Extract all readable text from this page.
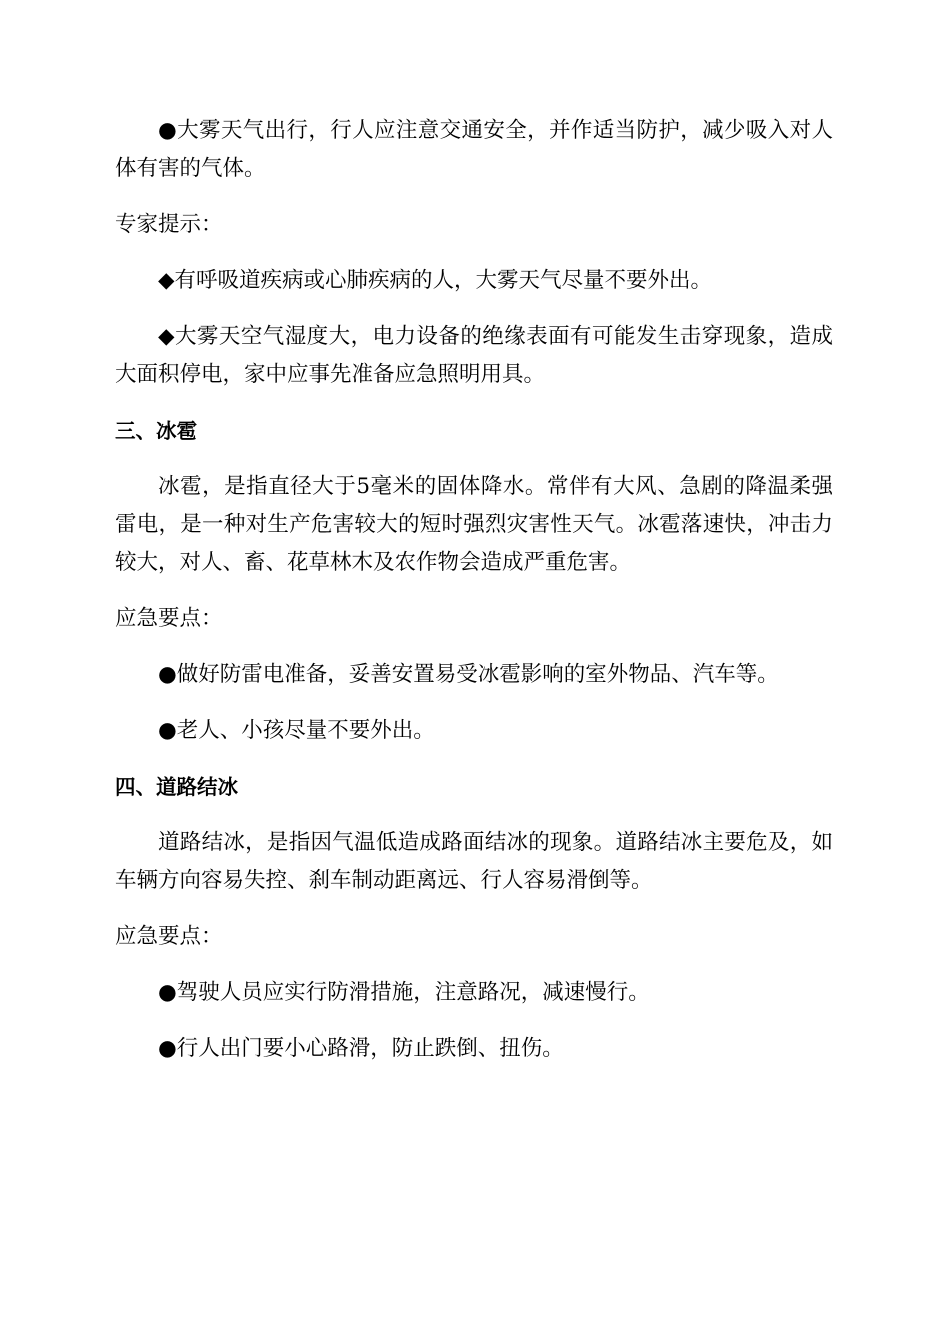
●大雾天气出行，行人应注意交通安全，并作适当防护，减少吸入对人体有害的气体。

专家提示：

◆有呼吸道疾病或心肺疾病的人，大雾天气尽量不要外出。

◆大雾天空气湿度大，电力设备的绝缘表面有可能发生击穿现象，造成大面积停电，家中应事先准备应急照明用具。

三、冰雹

冰雹，是指直径大于5毫米的固体降水。常伴有大风、急剧的降温柔强雷电，是一种对生产危害较大的短时强烈灾害性天气。冰雹落速快，冲击力较大，对人、畜、花草林木及农作物会造成严重危害。

应急要点：

●做好防雷电准备，妥善安置易受冰雹影响的室外物品、汽车等。

●老人、小孩尽量不要外出。

四、道路结冰

道路结冰，是指因气温低造成路面结冰的现象。道路结冰主要危及，如车辆方向容易失控、刹车制动距离远、行人容易滑倒等。

应急要点：

●驾驶人员应实行防滑措施，注意路况，减速慢行。

●行人出门要小心路滑，防止跌倒、扭伤。
